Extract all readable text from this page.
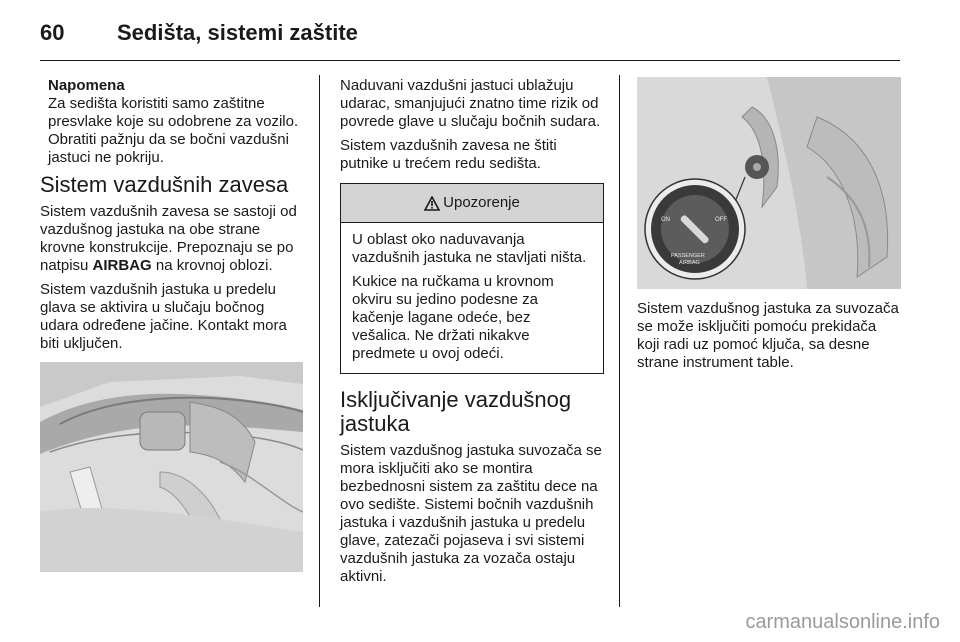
60 Sedišta, sistemi zaštite
Napomena

Za sedišta koristiti samo zaštitne presvlake koje su odobrene za vozilo. Obratiti pažnju da se bočni vazdušni jastuci ne pokriju.

Sistem vazdušnih zavesa

Sistem vazdušnih zavesa se sastoji od vazdušnog jastuka na obe strane krovne konstrukcije. Prepoznaju se po natpisu AIRBAG na krovnoj oblozi.

Sistem vazdušnih jastuka u predelu glava se aktivira u slučaju bočnog udara određene jačine. Kontakt mora biti uključen.

Naduvani vazdušni jastuci ublažuju udarac, smanjujući znatno time rizik od povrede glave u slučaju bočnih sudara.

Sistem vazdušnih zavesa ne štiti putnike u trećem redu sedišta.

Upozorenje

U oblast oko naduvavanja vazdušnih jastuka ne stavljati ništa.

Kukice na ručkama u krovnom okviru su jedino podesne za kačenje lagane odeće, bez vešalica. Ne držati nikakve predmete u ovoj odeći.

Isključivanje vazdušnog jastuka

Sistem vazdušnog jastuka suvozača se mora isključiti ako se montira bezbednosni sistem za zaštitu dece na ovo sedište. Sistemi bočnih vazdušnih jastuka i vazdušnih jastuka u predelu glave, zatezači pojaseva i svi sistemi vazdušnih jastuka za vozača ostaju aktivni.

ON	OFF
PASSENGER
AIRBAG

Sistem vazdušnog jastuka za suvozača se može isključiti pomoću prekidača koji radi uz pomoć ključa, sa desne strane instrument table.

carmanualsonline.info
